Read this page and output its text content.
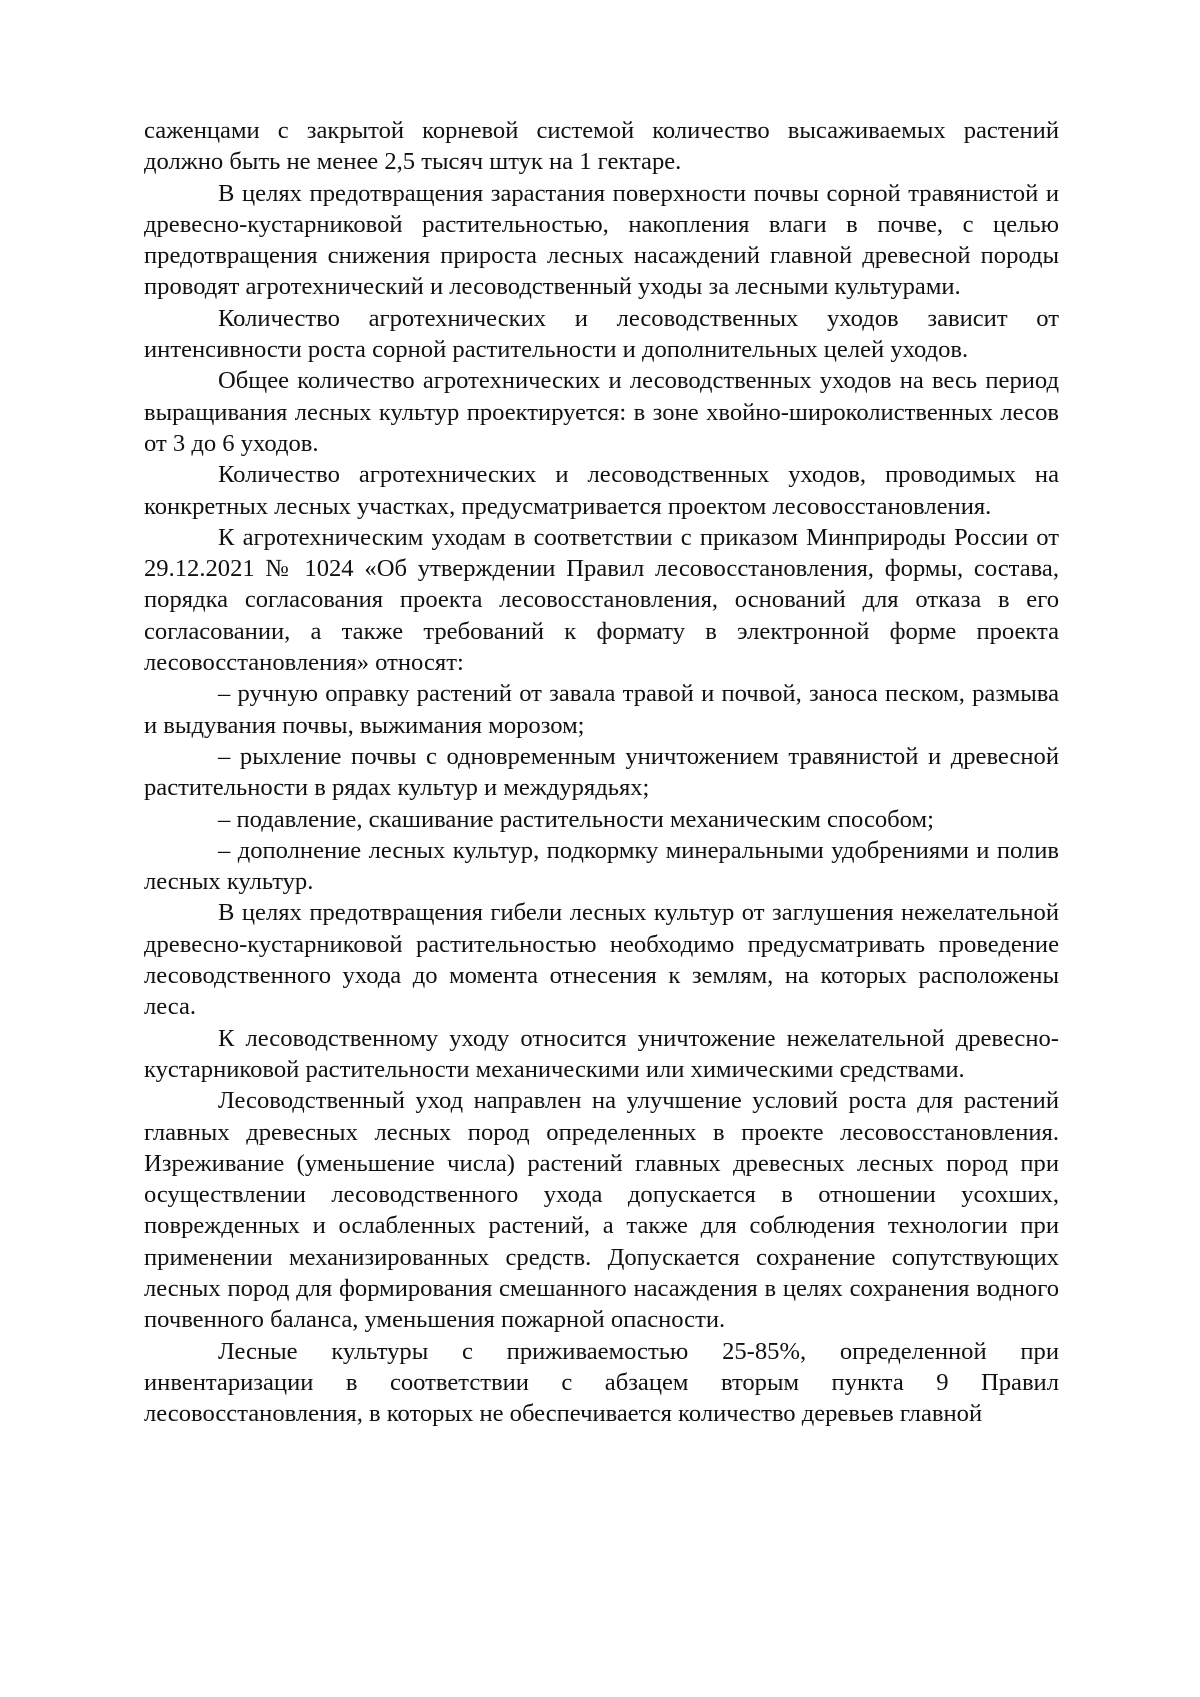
саженцами с закрытой корневой системой количество высаживаемых растений должно быть не менее 2,5 тысяч штук на 1 гектаре.

В целях предотвращения зарастания поверхности почвы сорной травянистой и древесно-кустарниковой растительностью, накопления влаги в почве, с целью предотвращения снижения прироста лесных насаждений главной древесной породы проводят агротехнический и лесоводственный уходы за лесными культурами.

Количество агротехнических и лесоводственных уходов зависит от интенсивности роста сорной растительности и дополнительных целей уходов.

Общее количество агротехнических и лесоводственных уходов на весь период выращивания лесных культур проектируется: в зоне хвойно-широколиственных лесов от 3 до 6 уходов.

Количество агротехнических и лесоводственных уходов, проводимых на конкретных лесных участках, предусматривается проектом лесовосстановления.

К агротехническим уходам в соответствии с приказом Минприроды России от 29.12.2021 № 1024 «Об утверждении Правил лесовосстановления, формы, состава, порядка согласования проекта лесовосстановления, оснований для отказа в его согласовании, а также требований к формату в электронной форме проекта лесовосстановления» относят:

– ручную оправку растений от завала травой и почвой, заноса песком, размыва и выдувания почвы, выжимания морозом;

– рыхление почвы с одновременным уничтожением травянистой и древесной растительности в рядах культур и междурядьях;

– подавление, скашивание растительности механическим способом;

– дополнение лесных культур, подкормку минеральными удобрениями и полив лесных культур.

В целях предотвращения гибели лесных культур от заглушения нежелательной древесно-кустарниковой растительностью необходимо предусматривать проведение лесоводственного ухода до момента отнесения к землям, на которых расположены леса.

К лесоводственному уходу относится уничтожение нежелательной древесно-кустарниковой растительности механическими или химическими средствами.

Лесоводственный уход направлен на улучшение условий роста для растений главных древесных лесных пород определенных в проекте лесовосстановления. Изреживание (уменьшение числа) растений главных древесных лесных пород при осуществлении лесоводственного ухода допускается в отношении усохших, поврежденных и ослабленных растений, а также для соблюдения технологии при применении механизированных средств. Допускается сохранение сопутствующих лесных пород для формирования смешанного насаждения в целях сохранения водного почвенного баланса, уменьшения пожарной опасности.

Лесные культуры с приживаемостью 25-85%, определенной при инвентаризации в соответствии с абзацем вторым пункта 9 Правил лесовосстановления, в которых не обеспечивается количество деревьев главной
